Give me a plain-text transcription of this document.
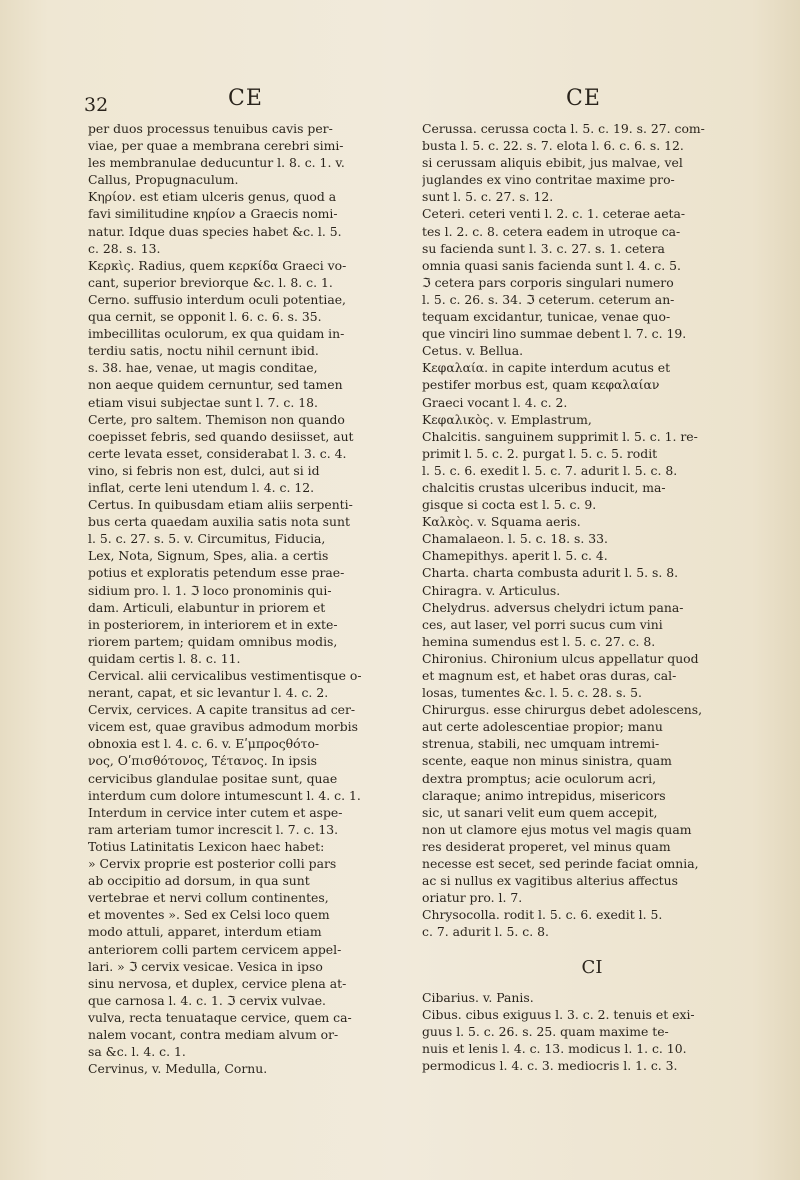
32	CE	CE
per duos processus tenuibus cavis per-
viae, per quae a membrana cerebri simi-
les membranulae deducuntur l. 8. c. 1. v.
Callus, Propugnaculum.
Κηρίον. est etiam ulceris genus, quod a
favi similitudine κηρίον a Graecis nomi-
natur. Idque duas species habet &c. l. 5.
c. 28. s. 13.
Κερκὶς. Radius, quem κερκίδα Graeci vo-
cant, superior breviorque &c. l. 8. c. 1.
Cerno. suffusio interdum oculi potentiae,
qua cernit, se opponit l. 6. c. 6. s. 35.
imbecillitas oculorum, ex qua quidam in-
terdiu satis, noctu nihil cernunt ibid.
s. 38. hae, venae, ut magis conditae,
non aeque quidem cernuntur, sed tamen
etiam visui subjectae sunt l. 7. c. 18.
Certe, pro saltem. Themison non quando
coepisset febris, sed quando desiisset, aut
certe levata esset, considerabat l. 3. c. 4.
vino, si febris non est, dulci, aut si id
inflat, certe leni utendum l. 4. c. 12.
Certus. In quibusdam etiam aliis serpenti-
bus certa quaedam auxilia satis nota sunt
l. 5. c. 27. s. 5. v. Circumitus, Fiducia,
Lex, Nota, Signum, Spes, alia. a certis
potius et exploratis petendum esse prae-
sidium pro. l. 1. ℑ loco pronominis qui-
dam. Articuli, elabuntur in priorem et
in posteriorem, in interiorem et in exte-
riorem partem; quidam omnibus modis,
quidam certis l. 8. c. 11.
Cervical. alii cervicalibus vestimentisque o-
nerant, capat, et sic levantur l. 4. c. 2.
Cervix, cervices. A capite transitus ad cer-
vicem est, quae gravibus admodum morbis
obnoxia est l. 4. c. 6. v. Εʹμπροςθότο-
νος, Οʹπισθότονος, Τέτανος. In ipsis
cervicibus glandulae positae sunt, quae
interdum cum dolore intumescunt l. 4. c. 1.
Interdum in cervice inter cutem et aspe-
ram arteriam tumor increscit l. 7. c. 13.
Totius Latinitatis Lexicon haec habet:
» Cervix proprie est posterior colli pars
ab occipitio ad dorsum, in qua sunt
vertebrae et nervi collum continentes,
et moventes ». Sed ex Celsi loco quem
modo attuli, apparet, interdum etiam
anteriorem colli partem cervicem appel-
lari. » ℑ cervix vesicae. Vesica in ipso
sinu nervosa, et duplex, cervice plena at-
que carnosa l. 4. c. 1. ℑ cervix vulvae.
vulva, recta tenuataque cervice, quem ca-
nalem vocant, contra mediam alvum or-
sa &c. l. 4. c. 1.
Cervinus, v. Medulla, Cornu.
Cerussa. cerussa cocta l. 5. c. 19. s. 27. com-
busta l. 5. c. 22. s. 7. elota l. 6. c. 6. s. 12.
si cerussam aliquis ebibit, jus malvae, vel
juglandes ex vino contritae maxime pro-
sunt l. 5. c. 27. s. 12.
Ceteri. ceteri venti l. 2. c. 1. ceterae aeta-
tes l. 2. c. 8. cetera eadem in utroque ca-
su facienda sunt l. 3. c. 27. s. 1. cetera
omnia quasi sanis facienda sunt l. 4. c. 5.
ℑ cetera pars corporis singulari numero
l. 5. c. 26. s. 34. ℑ ceterum. ceterum an-
tequam excidantur, tunicae, venae quo-
que vinciri lino summae debent l. 7. c. 19.
Cetus. v. Bellua.
Κεφαλαία. in capite interdum acutus et
pestifer morbus est, quam κεφαλαίαν
Graeci vocant l. 4. c. 2.
Κεφαλικὸς. v. Emplastrum,
Chalcitis. sanguinem supprimit l. 5. c. 1. re-
primit l. 5. c. 2. purgat l. 5. c. 5. rodit
l. 5. c. 6. exedit l. 5. c. 7. adurit l. 5. c. 8.
chalcitis crustas ulceribus inducit, ma-
gisque si cocta est l. 5. c. 9.
Καλκὸς. v. Squama aeris.
Chamalaeon. l. 5. c. 18. s. 33.
Chamepithys. aperit l. 5. c. 4.
Charta. charta combusta adurit l. 5. s. 8.
Chiragra. v. Articulus.
Chelydrus. adversus chelydri ictum pana-
ces, aut laser, vel porri sucus cum vini
hemina sumendus est l. 5. c. 27. c. 8.
Chironius. Chironium ulcus appellatur quod
et magnum est, et habet oras duras, cal-
losas, tumentes &c. l. 5. c. 28. s. 5.
Chirurgus. esse chirurgus debet adolescens,
aut certe adolescentiae propior; manu
strenua, stabili, nec umquam intremi-
scente, eaque non minus sinistra, quam
dextra promptus; acie oculorum acri,
claraque; animo intrepidus, misericors
sic, ut sanari velit eum quem accepit,
non ut clamore ejus motus vel magis quam
res desiderat properet, vel minus quam
necesse est secet, sed perinde faciat omnia,
ac si nullus ex vagitibus alterius affectus
oriatur pro. l. 7.
Chrysocolla. rodit l. 5. c. 6. exedit l. 5.
c. 7. adurit l. 5. c. 8.
CI
Cibarius. v. Panis.
Cibus. cibus exiguus l. 3. c. 2. tenuis et exi-
guus l. 5. c. 26. s. 25. quam maxime te-
nuis et lenis l. 4. c. 13. modicus l. 1. c. 10.
permodicus l. 4. c. 3. mediocris l. 1. c. 3.
